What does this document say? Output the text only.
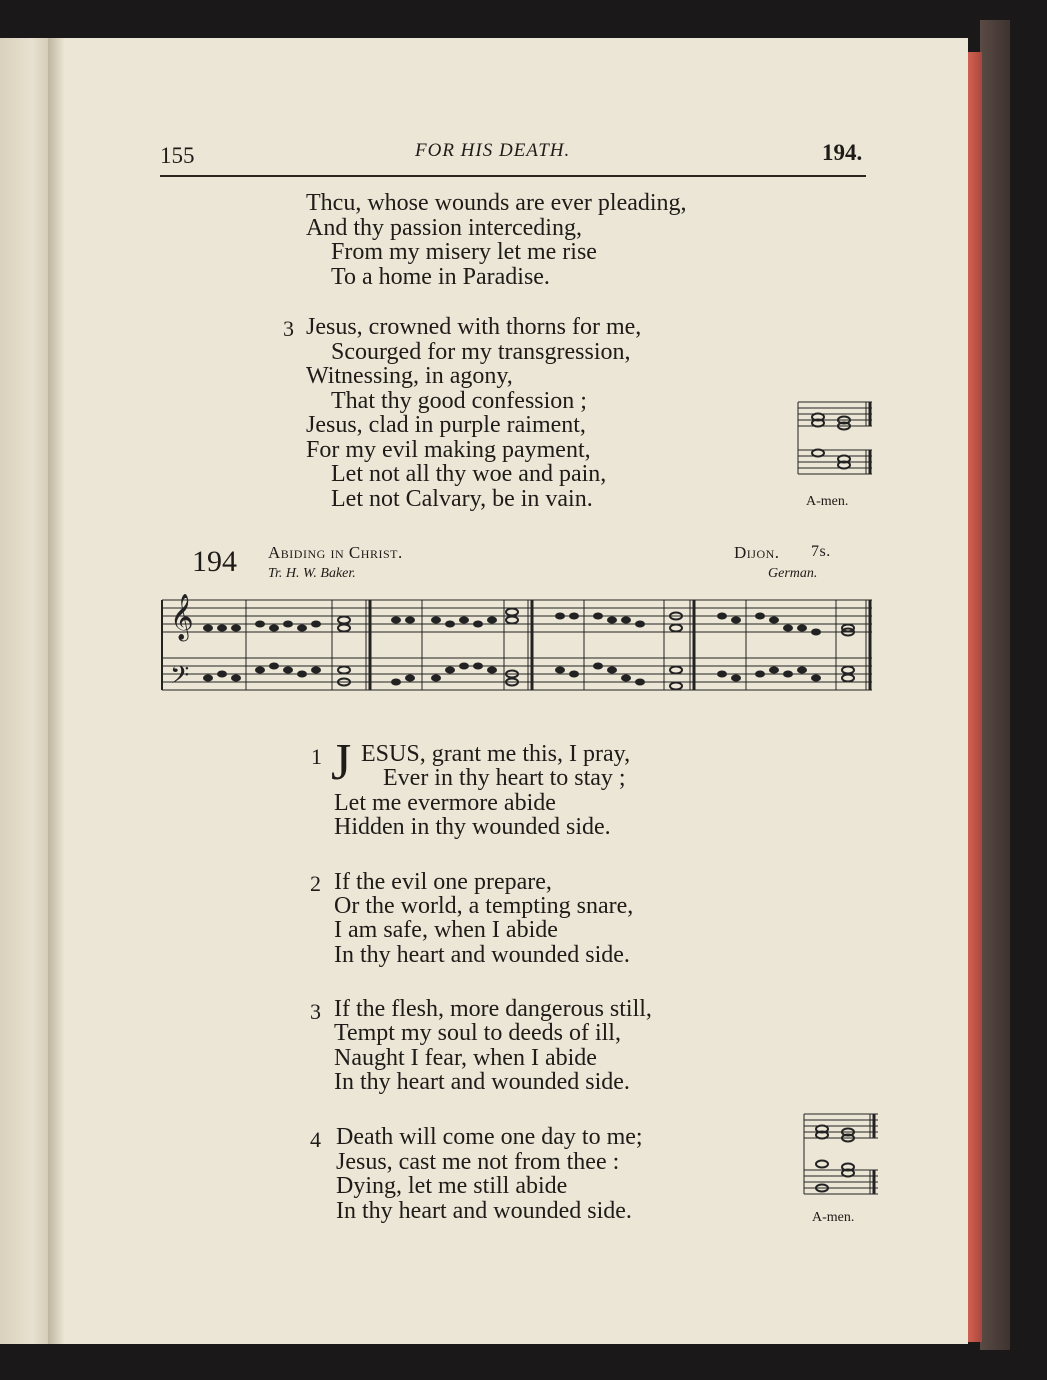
155	FOR HIS DEATH.	194.
Thcu, whose wounds are ever pleading,
And thy passion interceding,
From my misery let me rise
To a home in Paradise.
3 Jesus, crowned with thorns for me,
Scourged for my transgression,
Witnessing, in agony,
That thy good confession ;
Jesus, clad in purple raiment,
For my evil making payment,
Let not all thy woe and pain,
Let not Calvary, be in vain.	A-men.
194 Abiding in Christ.
Tr. H. W. Baker.
Dijon. 7s.
German.
𝄞
𝄢
1 J ESUS, grant me this, I pray,
Ever in thy heart to stay ;
Let me evermore abide
Hidden in thy wounded side.
2 If the evil one prepare,
Or the world, a tempting snare,
I am safe, when I abide
In thy heart and wounded side.
3 If the flesh, more dangerous still,
Tempt my soul to deeds of ill,
Naught I fear, when I abide
In thy heart and wounded side.
4 Death will come one day to me;
Jesus, cast me not from thee :
Dying, let me still abide
In thy heart and wounded side.	A-men.
